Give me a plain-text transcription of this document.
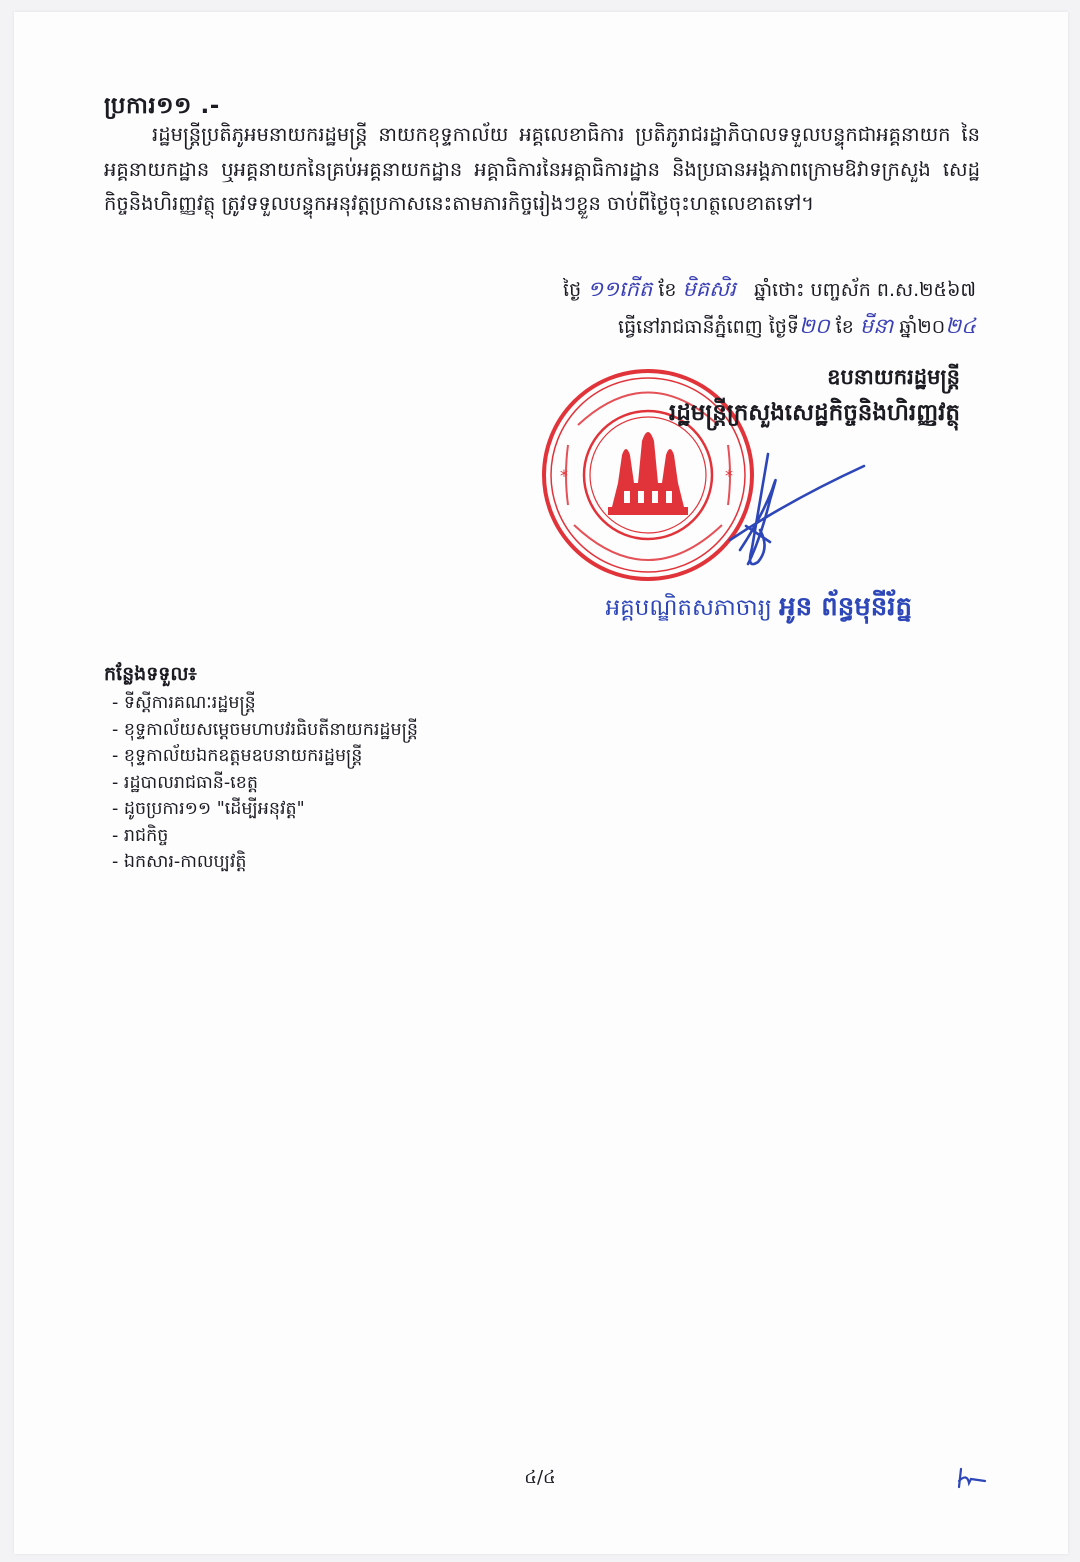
ប្រការ១១ .-
រដ្ឋមន្ត្រីប្រតិភូអមនាយករដ្ឋមន្ត្រី នាយកខុទ្ទកាល័យ អគ្គលេខាធិការ ប្រតិភូរាជរដ្ឋាភិបាលទទួលបន្ទុកជាអគ្គនាយក នៃអគ្គនាយកដ្ឋាន ឬអគ្គនាយកនៃគ្រប់អគ្គនាយកដ្ឋាន អគ្គាធិការនៃអគ្គាធិការដ្ឋាន និងប្រធានអង្គភាពក្រោមឱវាទក្រសួង សេដ្ឋកិច្ចនិងហិរញ្ញវត្ថុ ត្រូវទទួលបន្ទុកអនុវត្តប្រកាសនេះតាមភារកិច្ចរៀងៗខ្លួន ចាប់ពីថ្ងៃចុះហត្ថលេខាតទៅ។
ថ្ងៃ ១១កើត ខែ មិគសិរ ឆ្នាំថោះ បញ្ចស័ក ព.ស.២៥៦៧
ធ្វើនៅរាជធានីភ្នំពេញ ថ្ងៃទី២០ ខែ មីនា ឆ្នាំ២០២៤
*	*
ឧបនាយករដ្ឋមន្ត្រី
រដ្ឋមន្ត្រីក្រសួងសេដ្ឋកិច្ចនិងហិរញ្ញវត្ថុ
អគ្គបណ្ឌិតសភាចារ្យ អូន ព័ន្ធមុនីរ័ត្ន
កន្លែងទទួល៖
- ទីស្តីការគណៈរដ្ឋមន្ត្រី
- ខុទ្ទកាល័យសម្តេចមហាបវរធិបតីនាយករដ្ឋមន្ត្រី
- ខុទ្ទកាល័យឯកឧត្តមឧបនាយករដ្ឋមន្ត្រី
- រដ្ឋបាលរាជធានី-ខេត្ត
- ដូចប្រការ១១ "ដើម្បីអនុវត្ត"
- រាជកិច្ច
- ឯកសារ-កាលប្បវត្តិ
៤/៤
